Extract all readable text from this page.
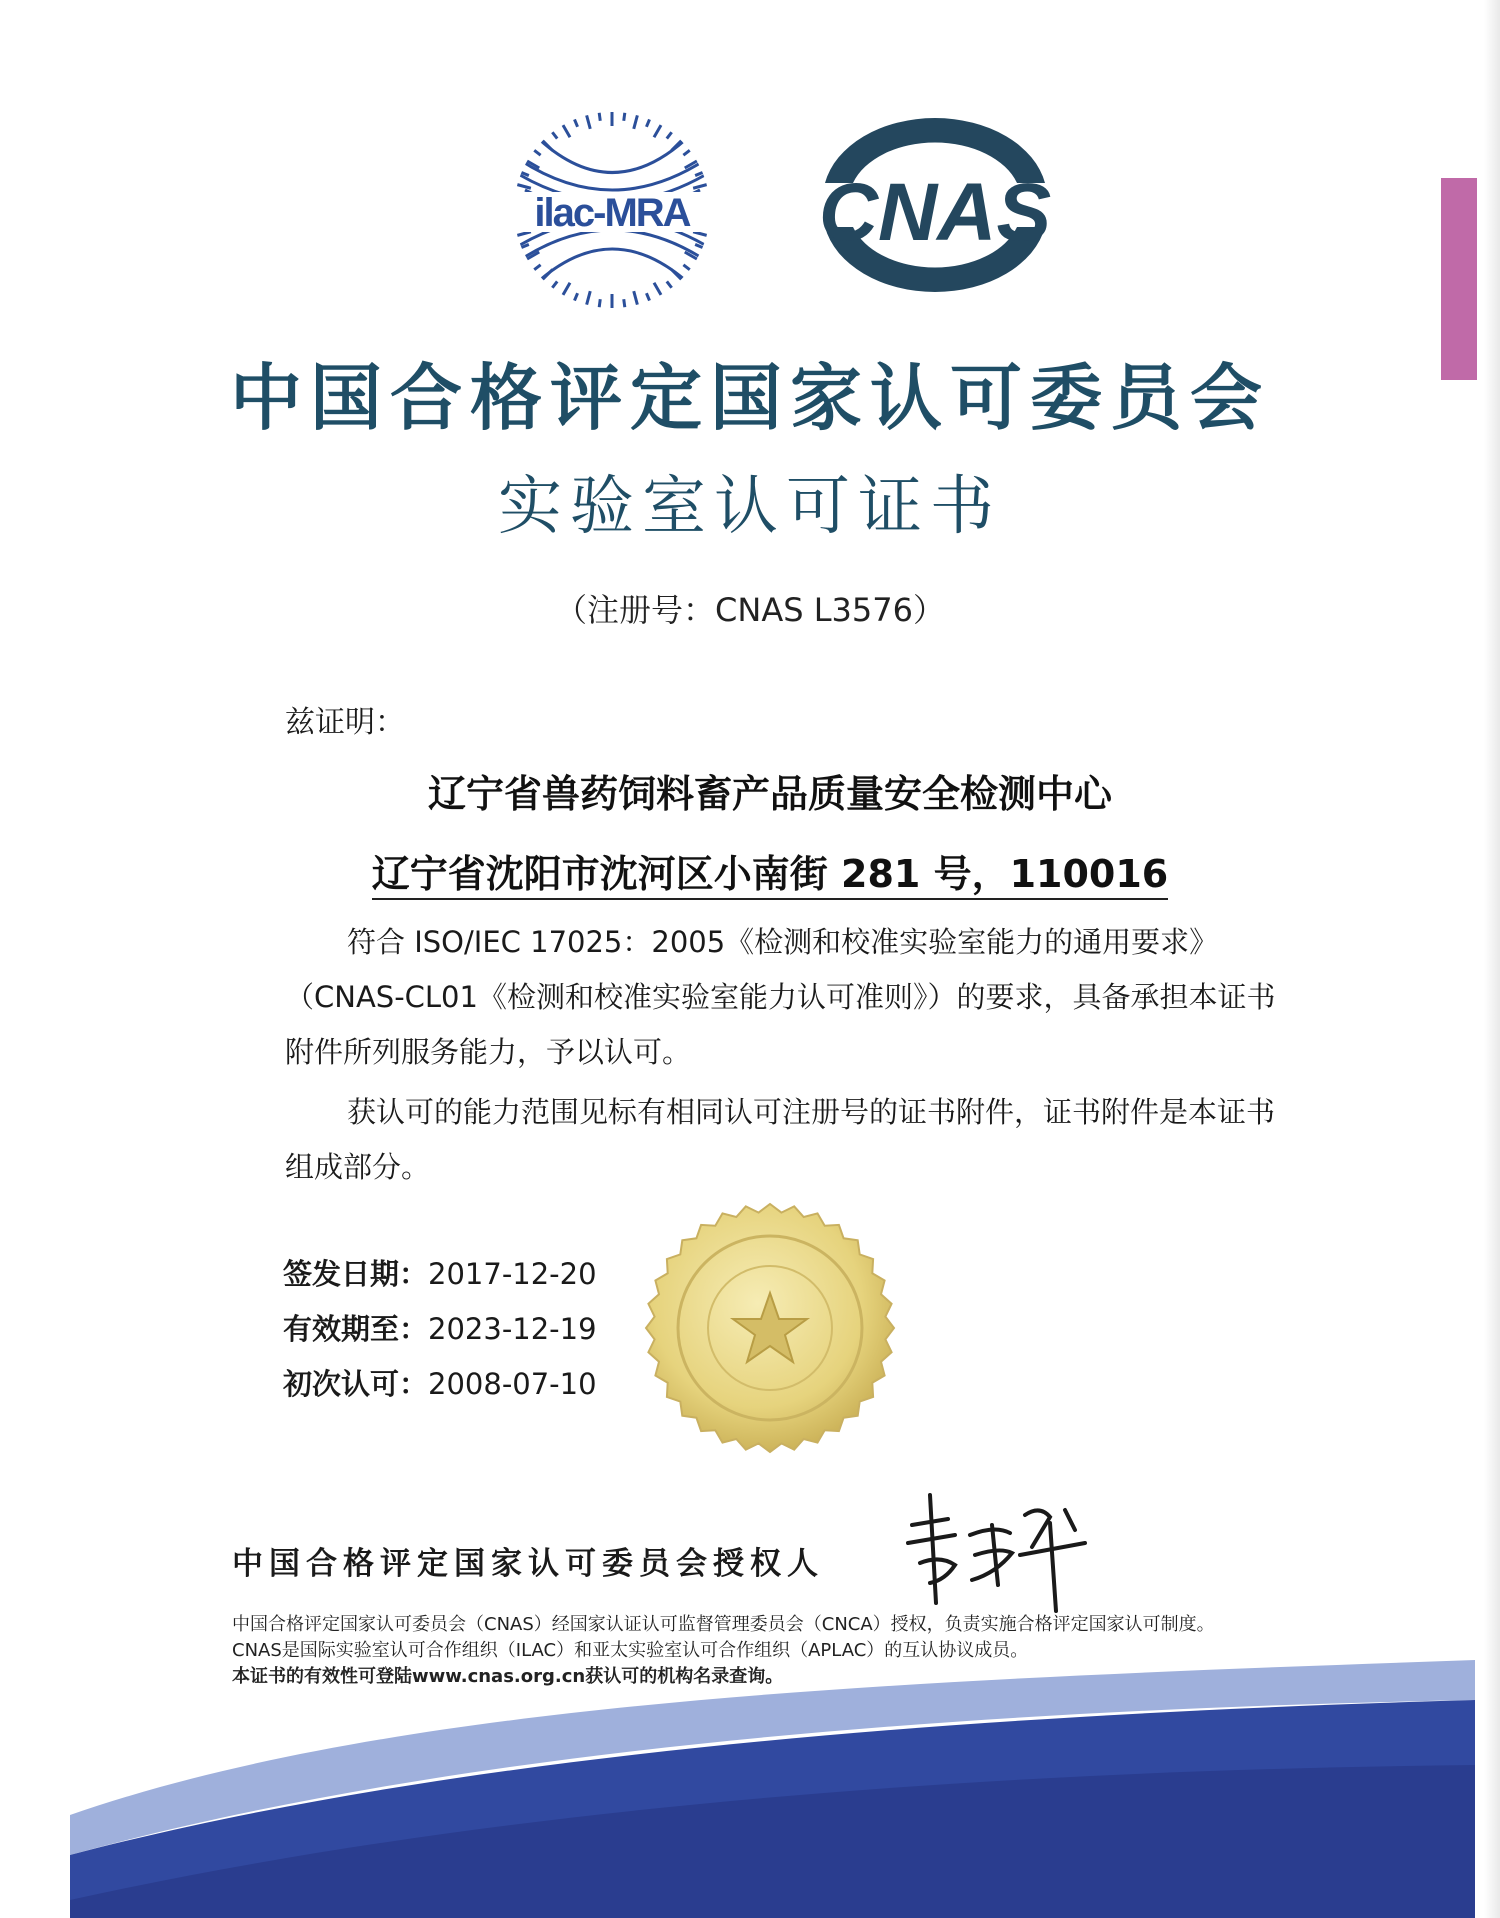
ilac-MRA CNAS
中国合格评定国家认可委员会
实验室认可证书
（注册号：CNAS L3576）
兹证明：
辽宁省兽药饲料畜产品质量安全检测中心
辽宁省沈阳市沈河区小南街 281 号，110016
符合 ISO/IEC 17025：2005《检测和校准实验室能力的通用要求》（CNAS-CL01《检测和校准实验室能力认可准则》）的要求，具备承担本证书附件所列服务能力，予以认可。
获认可的能力范围见标有相同认可注册号的证书附件，证书附件是本证书组成部分。
签发日期：2017-12-20
有效期至：2023-12-19
初次认可：2008-07-10
中国合格评定国家认可委员会授权人
中国合格评定国家认可委员会（CNAS）经国家认证认可监督管理委员会（CNCA）授权，负责实施合格评定国家认可制度。
CNAS是国际实验室认可合作组织（ILAC）和亚太实验室认可合作组织（APLAC）的互认协议成员。
本证书的有效性可登陆www.cnas.org.cn获认可的机构名录查询。
